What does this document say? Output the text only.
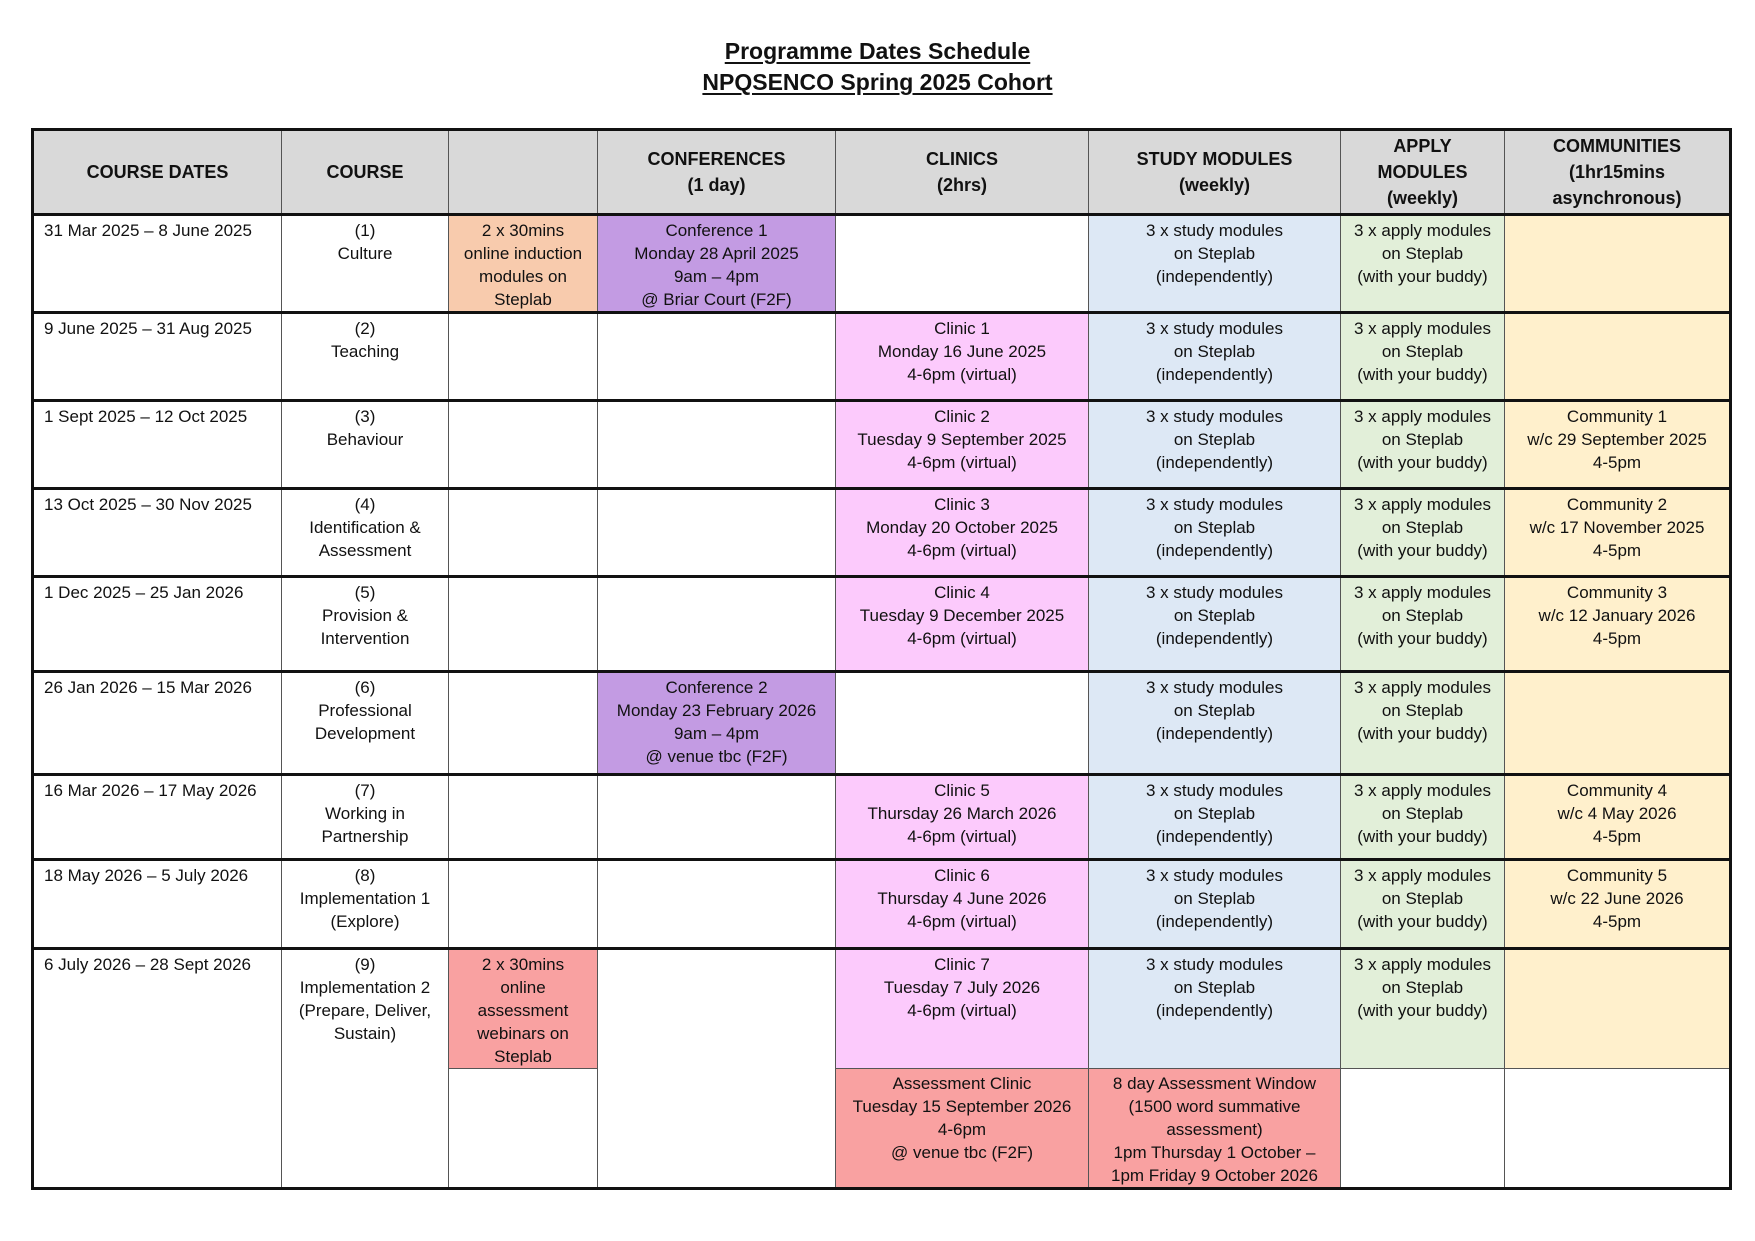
Programme Dates Schedule
NPQSENCO Spring 2025 Cohort
COURSE DATES	COURSE		CONFERENCES
(1 day)	CLINICS
(2hrs)	STUDY MODULES
(weekly)	APPLY
MODULES
(weekly)	COMMUNITIES
(1hr15mins
asynchronous)

31 Mar 2025 – 8 June 2025	(1)
Culture	2 x 30mins
online induction
modules on
Steplab	Conference 1
Monday 28 April 2025
9am – 4pm
@ Briar Court (F2F)		3 x study modules
on Steplab
(independently)	3 x apply modules
on Steplab
(with your buddy)	

9 June 2025 – 31 Aug 2025	(2)
Teaching			Clinic 1
Monday 16 June 2025
4-6pm (virtual)	3 x study modules
on Steplab
(independently)	3 x apply modules
on Steplab
(with your buddy)	

1 Sept 2025 – 12 Oct 2025	(3)
Behaviour			Clinic 2
Tuesday 9 September 2025
4-6pm (virtual)	3 x study modules
on Steplab
(independently)	3 x apply modules
on Steplab
(with your buddy)	Community 1
w/c 29 September 2025
4-5pm

13 Oct 2025 – 30 Nov 2025	(4)
Identification &
Assessment			Clinic 3
Monday 20 October 2025
4-6pm (virtual)	3 x study modules
on Steplab
(independently)	3 x apply modules
on Steplab
(with your buddy)	Community 2
w/c 17 November 2025
4-5pm

1 Dec 2025 – 25 Jan 2026	(5)
Provision &
Intervention			Clinic 4
Tuesday 9 December 2025
4-6pm (virtual)	3 x study modules
on Steplab
(independently)	3 x apply modules
on Steplab
(with your buddy)	Community 3
w/c 12 January 2026
4-5pm

26 Jan 2026 – 15 Mar 2026	(6)
Professional
Development		Conference 2
Monday 23 February 2026
9am – 4pm
@ venue tbc (F2F)		3 x study modules
on Steplab
(independently)	3 x apply modules
on Steplab
(with your buddy)	

16 Mar 2026 – 17 May 2026	(7)
Working in
Partnership			Clinic 5
Thursday 26 March 2026
4-6pm (virtual)	3 x study modules
on Steplab
(independently)	3 x apply modules
on Steplab
(with your buddy)	Community 4
w/c 4 May 2026
4-5pm

18 May 2026 – 5 July 2026	(8)
Implementation 1
(Explore)			Clinic 6
Thursday 4 June 2026
4-6pm (virtual)	3 x study modules
on Steplab
(independently)	3 x apply modules
on Steplab
(with your buddy)	Community 5
w/c 22 June 2026
4-5pm

6 July 2026 – 28 Sept 2026	(9)
Implementation 2
(Prepare, Deliver,
Sustain)	2 x 30mins
online
assessment
webinars on
Steplab		Clinic 7
Tuesday 7 July 2026
4-6pm (virtual)	3 x study modules
on Steplab
(independently)	3 x apply modules
on Steplab
(with your buddy)	

				Assessment Clinic
Tuesday 15 September 2026
4-6pm
@ venue tbc (F2F)	8 day Assessment Window
(1500 word summative
assessment)
1pm Thursday 1 October –
1pm Friday 9 October 2026		
